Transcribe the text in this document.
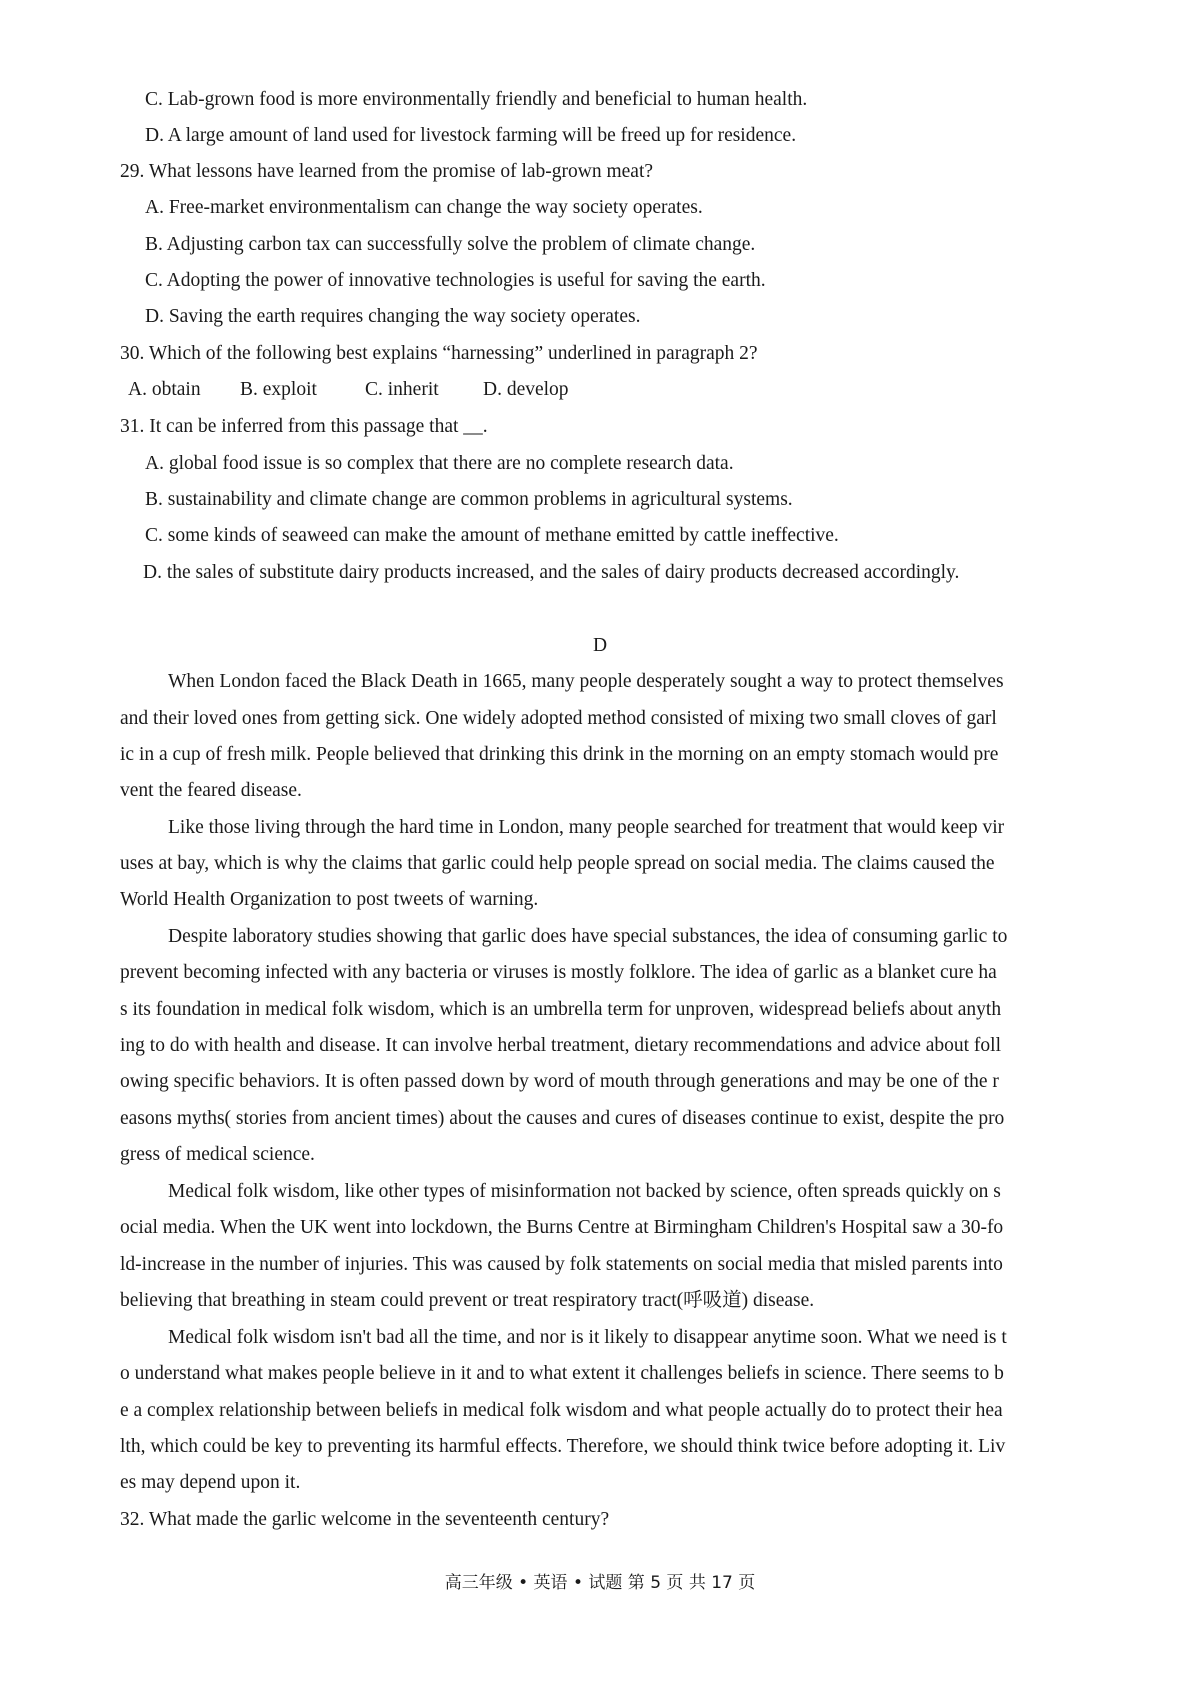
C. Lab-grown food is more environmentally friendly and beneficial to human health.
D. A large amount of land used for livestock farming will be freed up for residence.
29. What lessons have learned from the promise of lab-grown meat?
A. Free-market environmentalism can change the way society operates.
B. Adjusting carbon tax can successfully solve the problem of climate change.
C. Adopting the power of innovative technologies is useful for saving the earth.
D. Saving the earth requires changing the way society operates.
30. Which of the following best explains “harnessing” underlined in paragraph 2?
A. obtain B. exploit C. inherit D. develop
31. It can be inferred from this passage that __.
A. global food issue is so complex that there are no complete research data.
B. sustainability and climate change are common problems in agricultural systems.
C. some kinds of seaweed can make the amount of methane emitted by cattle ineffective.
D. the sales of substitute dairy products increased, and the sales of dairy products decreased accordingly.
D
When London faced the Black Death in 1665, many people desperately sought a way to protect themselves
and their loved ones from getting sick. One widely adopted method consisted of mixing two small cloves of garl
ic in a cup of fresh milk. People believed that drinking this drink in the morning on an empty stomach would pre
vent the feared disease.
Like those living through the hard time in London, many people searched for treatment that would keep vir
uses at bay, which is why the claims that garlic could help people spread on social media. The claims caused the
World Health Organization to post tweets of warning.
Despite laboratory studies showing that garlic does have special substances, the idea of consuming garlic to
prevent becoming infected with any bacteria or viruses is mostly folklore. The idea of garlic as a blanket cure ha
s its foundation in medical folk wisdom, which is an umbrella term for unproven, widespread beliefs about anyth
ing to do with health and disease. It can involve herbal treatment, dietary recommendations and advice about foll
owing specific behaviors. It is often passed down by word of mouth through generations and may be one of the r
easons myths( stories from ancient times) about the causes and cures of diseases continue to exist, despite the pro
gress of medical science.
Medical folk wisdom, like other types of misinformation not backed by science, often spreads quickly on s
ocial media. When the UK went into lockdown, the Burns Centre at Birmingham Children's Hospital saw a 30-fo
ld-increase in the number of injuries. This was caused by folk statements on social media that misled parents into
believing that breathing in steam could prevent or treat respiratory tract(呼吸道) disease.
Medical folk wisdom isn't bad all the time, and nor is it likely to disappear anytime soon. What we need is t
o understand what makes people believe in it and to what extent it challenges beliefs in science. There seems to b
e a complex relationship between beliefs in medical folk wisdom and what people actually do to protect their hea
lth, which could be key to preventing its harmful effects. Therefore, we should think twice before adopting it. Liv
es may depend upon it.
32. What made the garlic welcome in the seventeenth century?
高三年级 • 英语 • 试题 第 5 页 共 17 页
